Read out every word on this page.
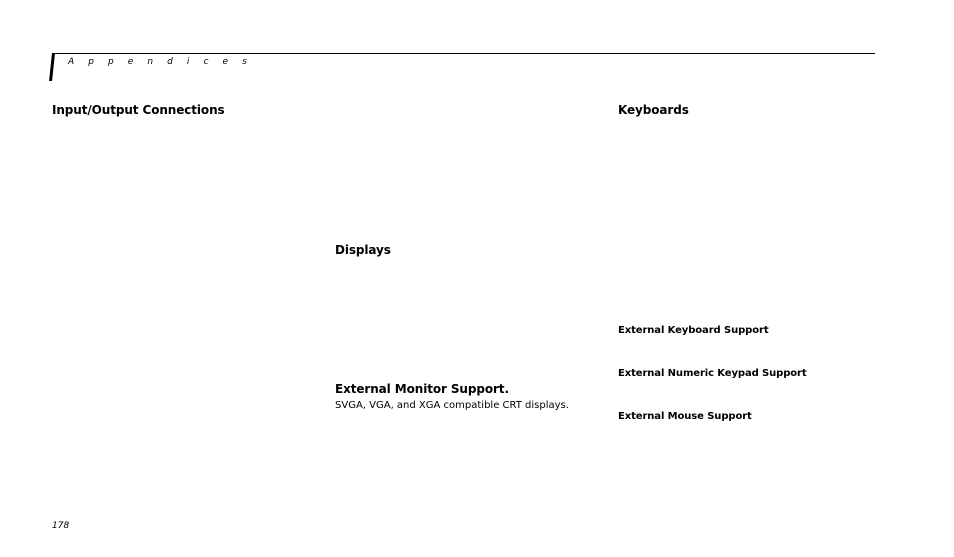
A p p e n d i c e s
Input/Output Connections
Displays
External Monitor Support.
SVGA, VGA, and XGA compatible CRT displays.
Keyboards
External Keyboard Support
External Numeric Keypad Support
External Mouse Support
178
